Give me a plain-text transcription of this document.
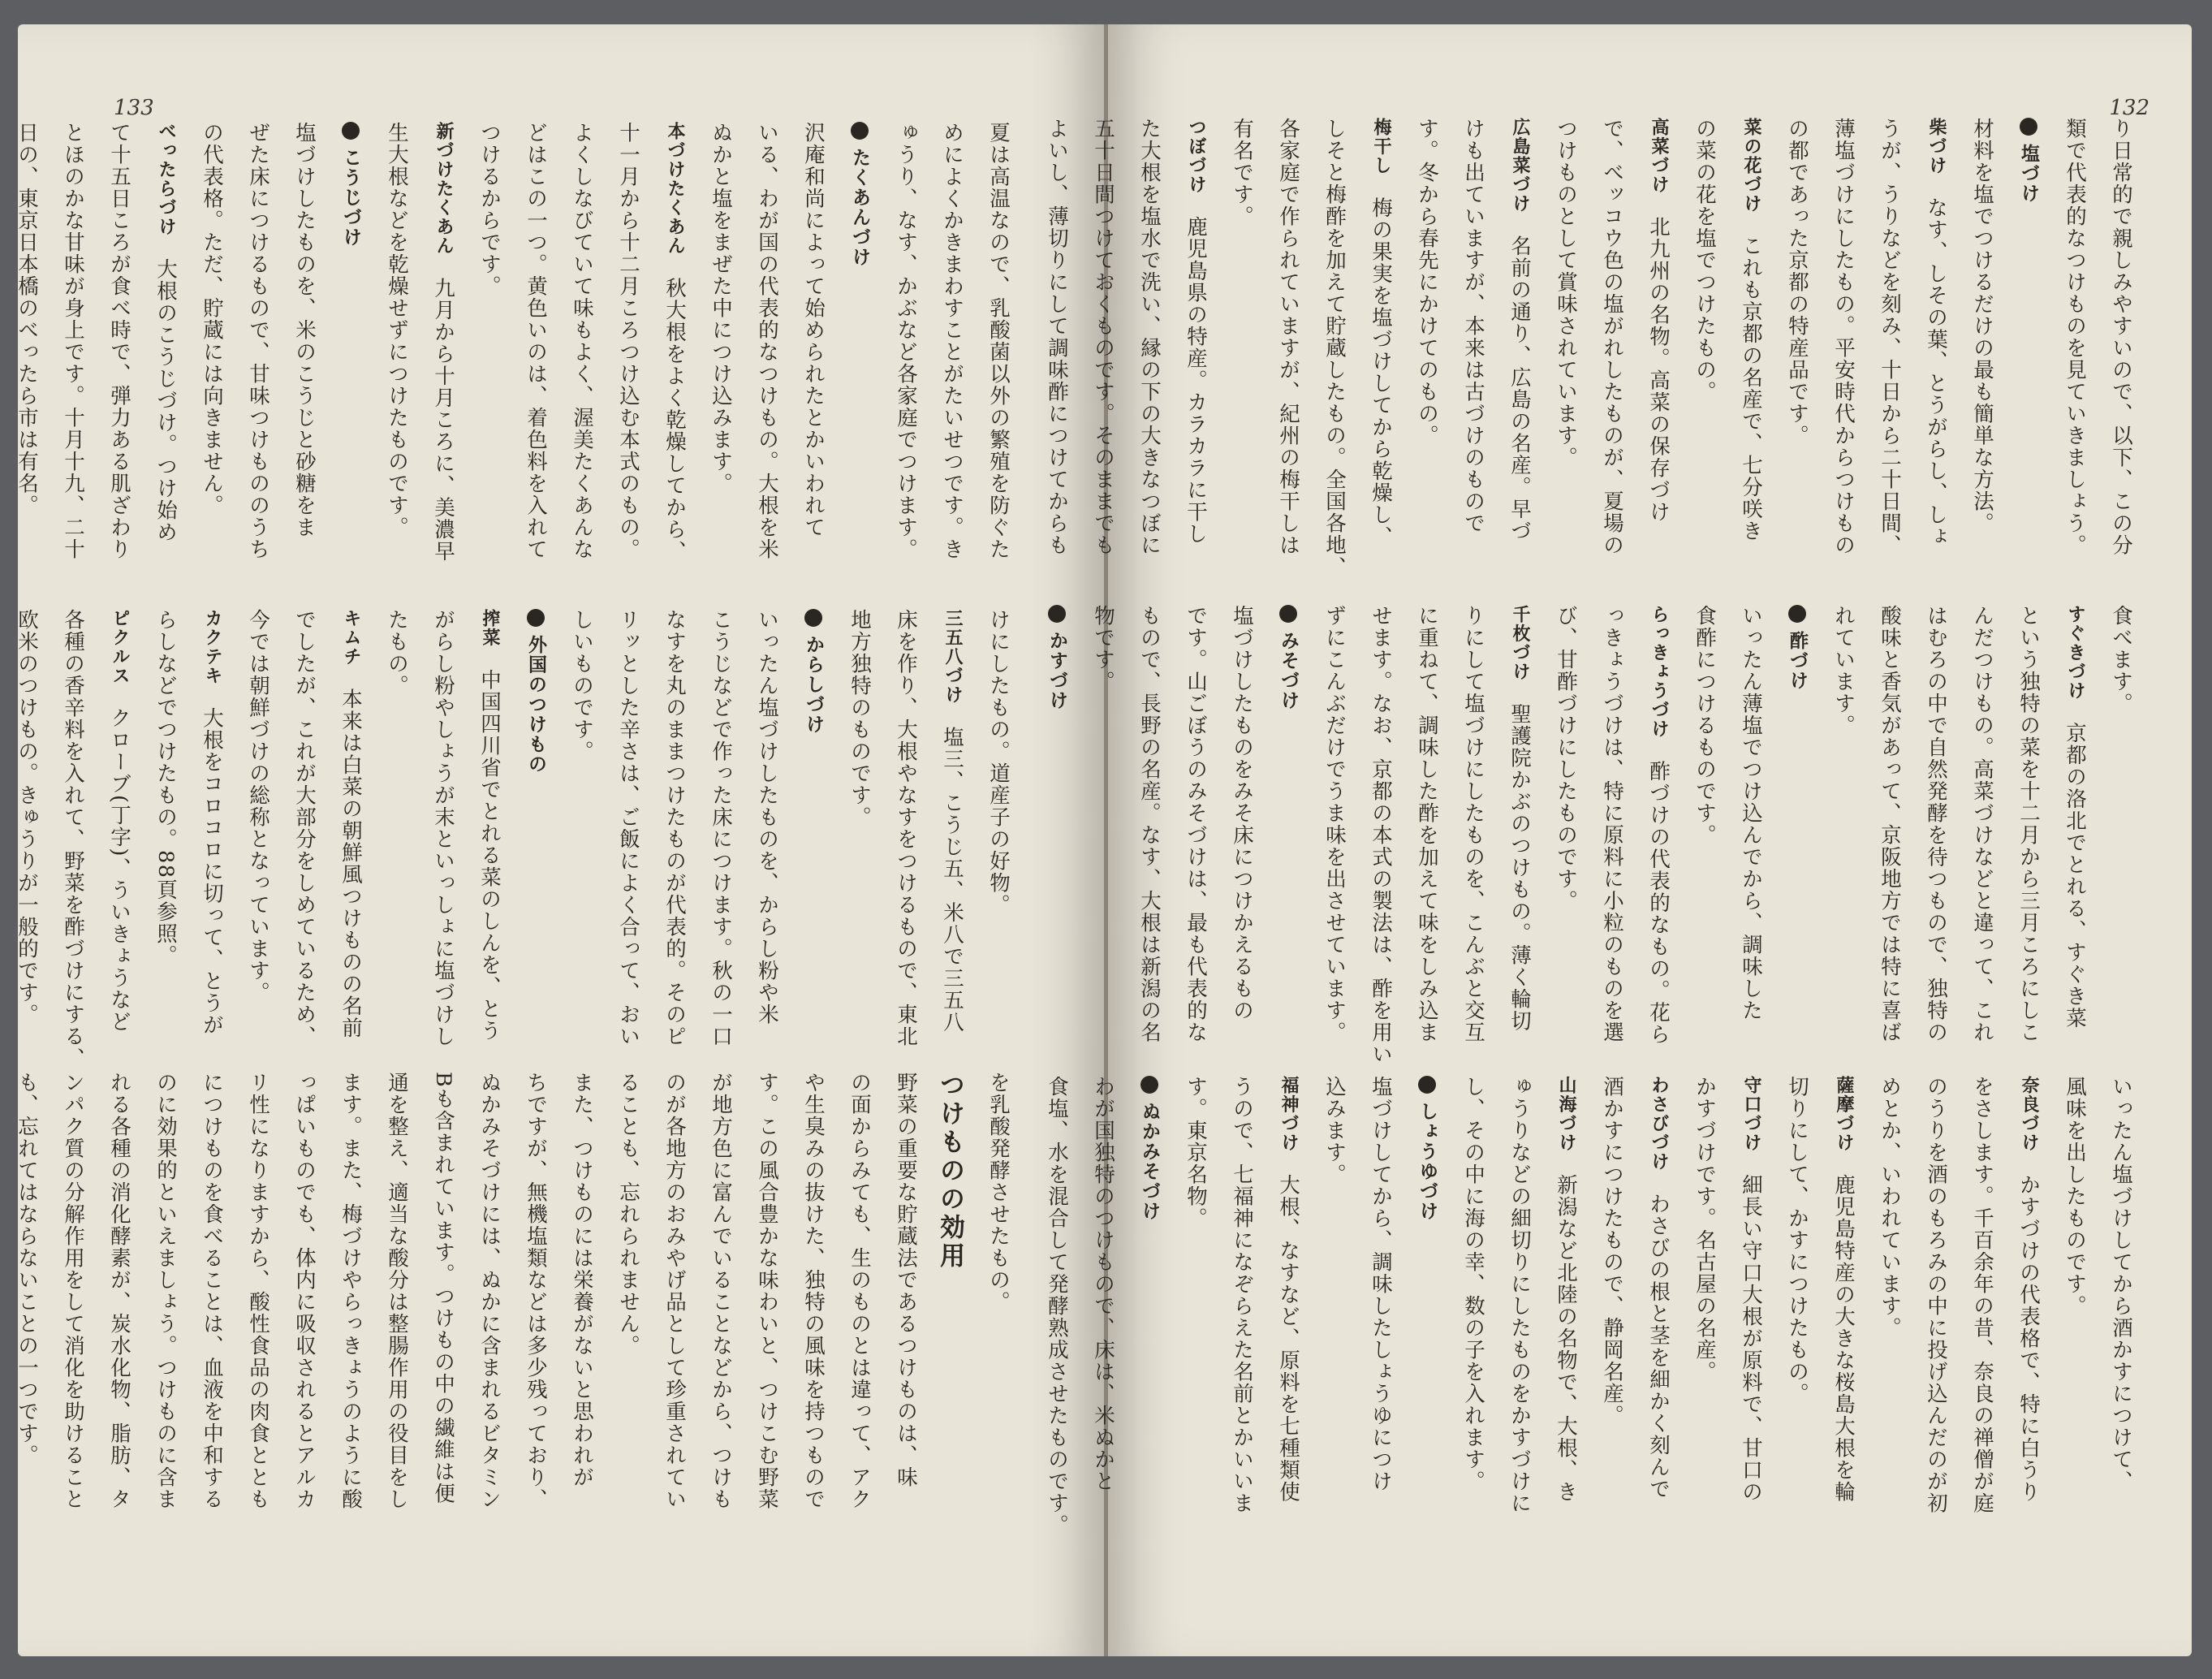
133
夏は高温なので、乳酸菌以外の繁殖を防ぐた
めによくかきまわすことがたいせつです。き
ゅうり、なす、かぶなど各家庭でつけます。
たくあんづけ
沢庵和尚によって始められたとかいわれて
いる、わが国の代表的なつけもの。大根を米
ぬかと塩をまぜた中につけ込みます。
本づけたくあん　秋大根をよく乾燥してから、
十一月から十二月ころつけ込む本式のもの。
よくしなびていて味もよく、渥美たくあんな
どはこの一つ。黄色いのは、着色料を入れて
つけるからです。
新づけたくあん　九月から十月ころに、美濃早
生大根などを乾燥せずにつけたものです。
こうじづけ
塩づけしたものを、米のこうじと砂糖をま
ぜた床につけるもので、甘味つけもののうち
の代表格。ただ、貯蔵には向きません。
べったらづけ　大根のこうじづけ。つけ始め
て十五日ころが食べ時で、弾力ある肌ざわり
とほのかな甘味が身上です。十月十九、二十
日の、東京日本橋のべったら市は有名。

けにしたもの。道産子の好物。
三五八づけ　塩三、こうじ五、米八で三五八
床を作り、大根やなすをつけるもので、東北
地方独特のものです。
からしづけ
いったん塩づけしたものを、からし粉や米
こうじなどで作った床につけます。秋の一口
なすを丸のままつけたものが代表的。そのピ
リッとした辛さは、ご飯によく合って、おい
しいものです。
外国のつけもの
搾菜　中国四川省でとれる菜のしんを、とう
がらし粉やしょうが末といっしょに塩づけし
たもの。
キムチ　本来は白菜の朝鮮風つけものの名前
でしたが、これが大部分をしめているため、
今では朝鮮づけの総称となっています。
カクテキ　大根をコロコロに切って、とうが
らしなどでつけたもの。88頁参照。
ピクルス　クローブ(丁字)、ういきょうなど
各種の香辛料を入れて、野菜を酢づけにする、
欧米のつけもの。きゅうりが一般的です。

を乳酸発酵させたもの。
つけものの効用
野菜の重要な貯蔵法であるつけものは、味
の面からみても、生のものとは違って、アク
や生臭みの抜けた、独特の風味を持つもので
す。この風合豊かな味わいと、つけこむ野菜
が地方色に富んでいることなどから、つけも
のが各地方のおみやげ品として珍重されてい
ることも、忘れられません。
また、つけものには栄養がないと思われが
ちですが、無機塩類などは多少残っており、
ぬかみそづけには、ぬかに含まれるビタミン
Bも含まれています。つけもの中の繊維は便
通を整え、適当な酸分は整腸作用の役目をし
ます。また、梅づけやらっきょうのように酸
っぱいものでも、体内に吸収されるとアルカ
リ性になりますから、酸性食品の肉食ととも
につけものを食べることは、血液を中和する
のに効果的といえましょう。つけものに含ま
れる各種の消化酵素が、炭水化物、脂肪、タ
ンパク質の分解作用をして消化を助けること
も、忘れてはならないことの一つです。
132
り日常的で親しみやすいので、以下、この分
類で代表的なつけものを見ていきましょう。
塩づけ
材料を塩でつけるだけの最も簡単な方法。
柴づけ　なす、しその葉、とうがらし、しょ
うが、うりなどを刻み、十日から二十日間、
薄塩づけにしたもの。平安時代からつけもの
の都であった京都の特産品です。
菜の花づけ　これも京都の名産で、七分咲き
の菜の花を塩でつけたもの。
高菜づけ　北九州の名物。高菜の保存づけ
で、べッコウ色の塩がれしたものが、夏場の
つけものとして賞味されています。
広島菜づけ　名前の通り、広島の名産。早づ
けも出ていますが、本来は古づけのもので
す。冬から春先にかけてのもの。
梅干し　梅の果実を塩づけしてから乾燥し、
しそと梅酢を加えて貯蔵したもの。全国各地、
各家庭で作られていますが、紀州の梅干しは
有名です。
つぼづけ　鹿児島県の特産。カラカラに干し
た大根を塩水で洗い、縁の下の大きなつぼに
五十日間つけておくものです。そのままでも
よいし、薄切りにして調味酢につけてからも
食べます。
すぐきづけ　京都の洛北でとれる、すぐき菜
という独特の菜を十二月から三月ころにしこ
んだつけもの。高菜づけなどと違って、これ
はむろの中で自然発酵を待つもので、独特の
酸味と香気があって、京阪地方では特に喜ば
れています。
酢づけ
いったん薄塩でつけ込んでから、調味した
食酢につけるものです。
らっきょうづけ　酢づけの代表的なもの。花ら
っきょうづけは、特に原料に小粒のものを選
び、甘酢づけにしたものです。
千枚づけ　聖護院かぶのつけもの。薄く輪切
りにして塩づけにしたものを、こんぶと交互
に重ねて、調味した酢を加えて味をしみ込ま
せます。なお、京都の本式の製法は、酢を用い
ずにこんぶだけでうま味を出させています。
みそづけ
塩づけしたものをみそ床につけかえるもの
です。山ごぼうのみそづけは、最も代表的な
もので、長野の名産。なす、大根は新潟の名
物です。
かすづけ
いったん塩づけしてから酒かすにつけて、
風味を出したものです。
奈良づけ　かすづけの代表格で、特に白うり
をさします。千百余年の昔、奈良の禅僧が庭
のうりを酒のもろみの中に投げ込んだのが初
めとか、いわれています。
薩摩づけ　鹿児島特産の大きな桜島大根を輪
切りにして、かすにつけたもの。
守口づけ　細長い守口大根が原料で、甘口の
かすづけです。名古屋の名産。
わさびづけ　わさびの根と茎を細かく刻んで
酒かすにつけたもので、静岡名産。
山海づけ　新潟など北陸の名物で、大根、き
ゅうりなどの細切りにしたものをかすづけに
し、その中に海の幸、数の子を入れます。
しょうゆづけ
塩づけしてから、調味したしょうゆにつけ
込みます。
福神づけ　大根、なすなど、原料を七種類使
うので、七福神になぞらえた名前とかいいま
す。東京名物。
ぬかみそづけ
わが国独特のつけもので、床は、米ぬかと
食塩、水を混合して発酵熟成させたものです。
